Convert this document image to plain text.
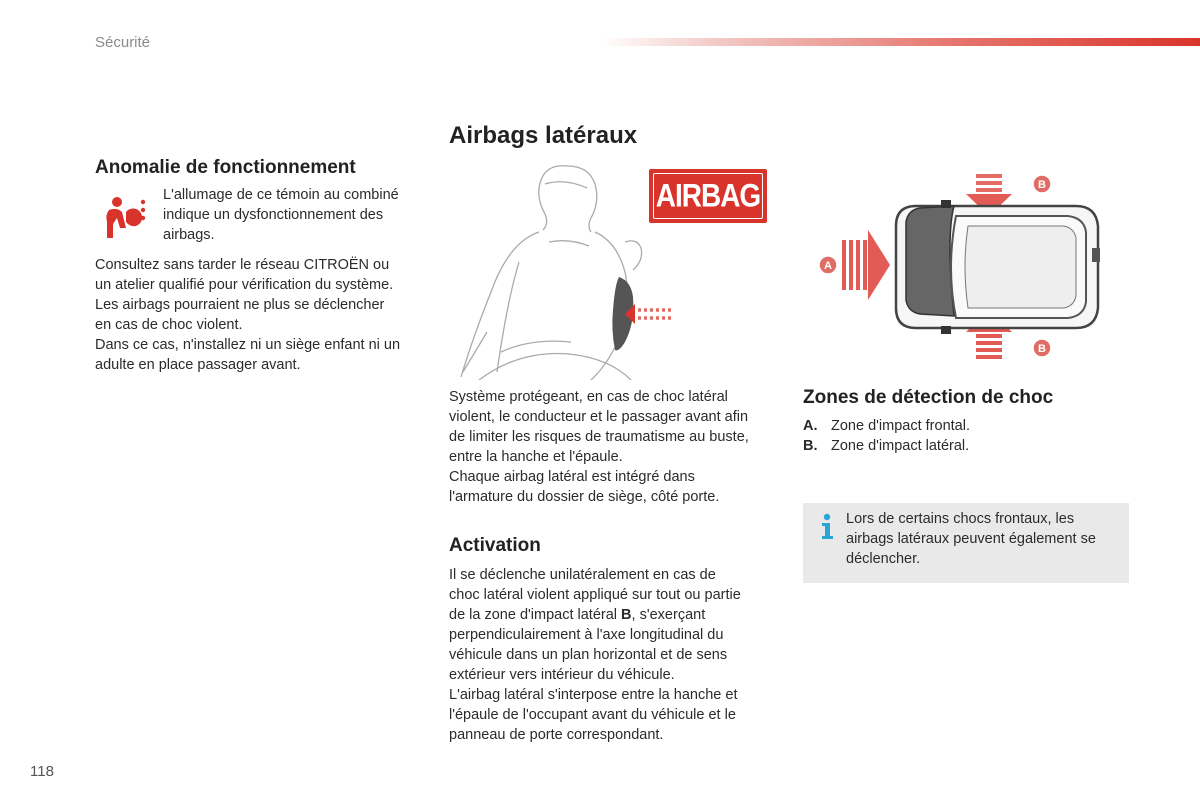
Sécurité
Anomalie de fonctionnement
L'allumage de ce témoin au combiné indique un dysfonctionnement des airbags.

Consultez sans tarder le réseau CITROËN ou

un atelier qualifié pour vérification du système.

Les airbags pourraient ne plus se déclencher

en cas de choc violent.

Dans ce cas, n'installez ni un siège enfant ni un

adulte en place passager avant.

Airbags latéraux
AIRBAG

Système protégeant, en cas de choc latéral

violent, le conducteur et le passager avant afin

de limiter les risques de traumatisme au buste,

entre la hanche et l'épaule.

Chaque airbag latéral est intégré dans

l'armature du dossier de siège, côté porte.

Activation

Il se déclenche unilatéralement en cas de

choc latéral violent appliqué sur tout ou partie

de la zone d'impact latéral B, s'exerçant

perpendiculairement à l'axe longitudinal du

véhicule dans un plan horizontal et de sens

extérieur vers intérieur du véhicule.

L'airbag latéral s'interpose entre la hanche et

l'épaule de l'occupant avant du véhicule et le

panneau de porte correspondant.

B
B
A
Zones de détection de choc
A. Zone d'impact frontal.
B. Zone d'impact latéral.
Lors de certains chocs frontaux, les airbags latéraux peuvent également se déclencher.
118
